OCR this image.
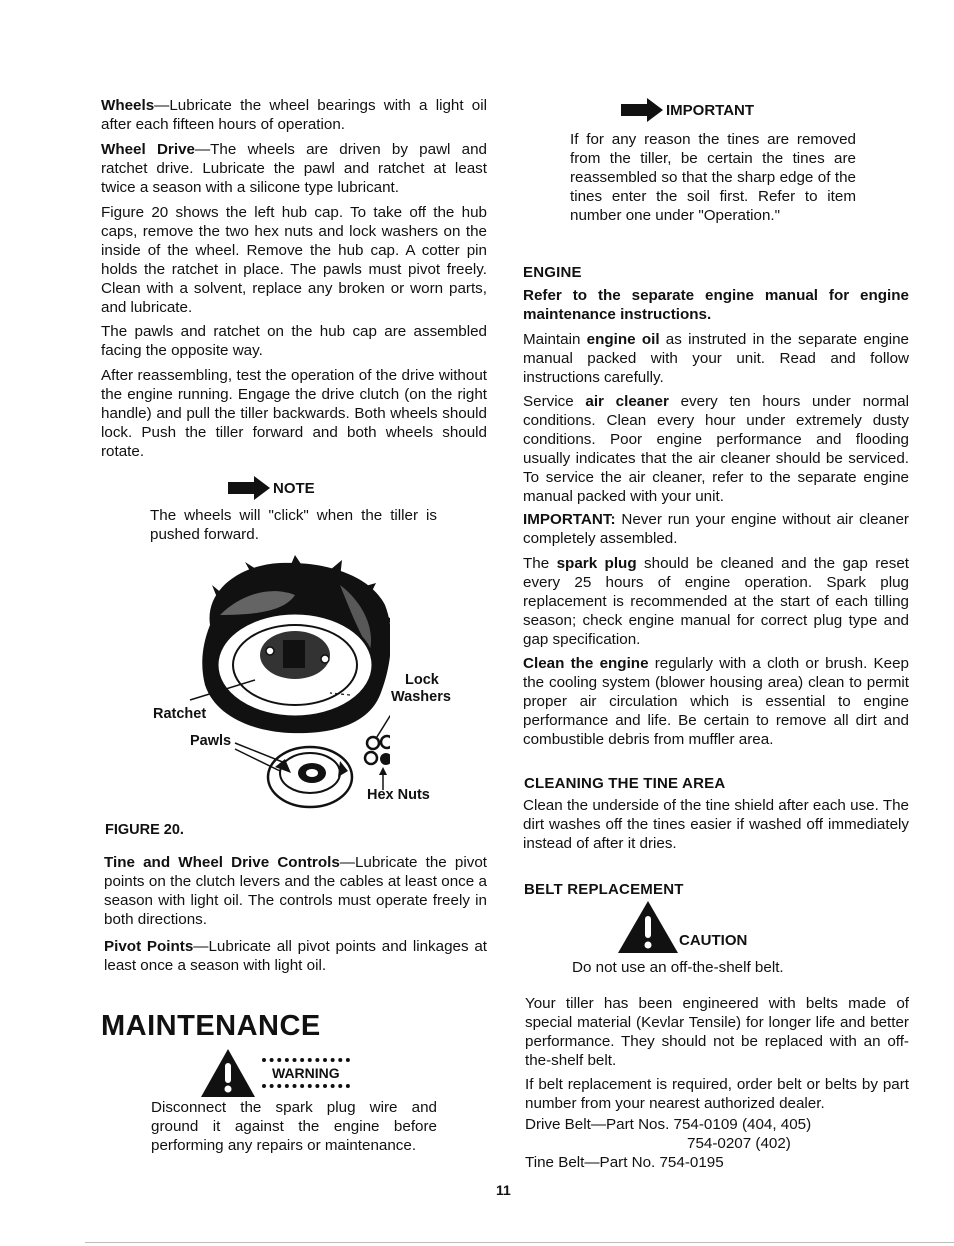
Wheels—Lubricate the wheel bearings with a light oil after each fifteen hours of operation.

Wheel Drive—The wheels are driven by pawl and ratchet drive. Lubricate the pawl and ratchet at least twice a season with a silicone type lubricant.

Figure 20 shows the left hub cap. To take off the hub caps, remove the two hex nuts and lock washers on the inside of the wheel. Remove the hub cap. A cotter pin holds the ratchet in place. The pawls must pivot freely. Clean with a solvent, replace any broken or worn parts, and lubricate.

The pawls and ratchet on the hub cap are assembled facing the opposite way.

After reassembling, test the operation of the drive without the engine running. Engage the drive clutch (on the right handle) and pull the tiller backwards. Both wheels should lock. Push the tiller forward and both wheels should rotate.

NOTE

The wheels will "click" when the tiller is pushed forward.

Lock
Washers
Ratchet
Pawls
Hex Nuts
FIGURE 20.

Tine and Wheel Drive Controls—Lubricate the pivot points on the clutch levers and the cables at least once a season with light oil. The controls must operate freely in both directions.

Pivot Points—Lubricate all pivot points and linkages at least once a season with light oil.

MAINTENANCE
WARNING

Disconnect the spark plug wire and ground it against the engine before performing any repairs or maintenance.

IMPORTANT

If for any reason the tines are removed from the tiller, be certain the tines are reassembled so that the sharp edge of the tines enter the soil first. Refer to item number one under "Operation."

ENGINE

Refer to the separate engine manual for engine maintenance instructions.

Maintain engine oil as instruted in the separate engine manual packed with your unit. Read and follow instructions carefully.

Service air cleaner every ten hours under normal conditions. Clean every hour under extremely dusty conditions. Poor engine performance and flooding usually indicates that the air cleaner should be serviced. To service the air cleaner, refer to the separate engine manual packed with your unit.

IMPORTANT: Never run your engine without air cleaner completely assembled.

The spark plug should be cleaned and the gap reset every 25 hours of engine operation. Spark plug replacement is recommended at the start of each tilling season; check engine manual for correct plug type and gap specification.

Clean the engine regularly with a cloth or brush. Keep the cooling system (blower housing area) clean to permit proper air circulation which is essential to engine performance and life. Be certain to remove all dirt and combustible debris from muffler area.

CLEANING THE TINE AREA

Clean the underside of the tine shield after each use. The dirt washes off the tines easier if washed off immediately instead of after it dries.

BELT REPLACEMENT
CAUTION

Do not use an off-the-shelf belt.

Your tiller has been engineered with belts made of special material (Kevlar Tensile) for longer life and better performance. They should not be replaced with an off-the-shelf belt.

If belt replacement is required, order belt or belts by part number from your nearest authorized dealer.

Drive Belt—Part Nos. 754-0109 (404, 405)

754-0207 (402)

Tine Belt—Part No. 754-0195

11
